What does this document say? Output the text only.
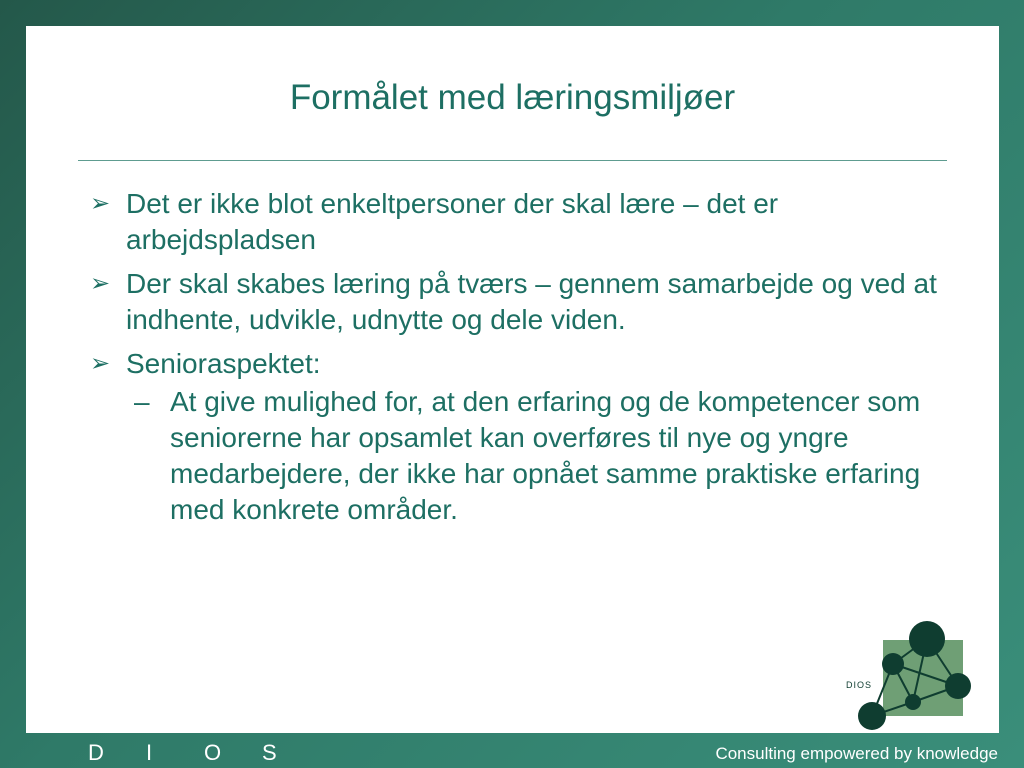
Formålet med læringsmiljøer
➢ Det er ikke blot enkeltpersoner der skal lære – det er arbejdspladsen
➢ Der skal skabes læring på tværs – gennem samarbejde og ved at indhente, udvikle, udnytte og dele viden.
➢ Senioraspektet:
– At give mulighed for, at den erfaring og de kompetencer som seniorerne har opsamlet kan overføres til nye og yngre medarbejdere, der ikke har opnået samme praktiske erfaring med konkrete områder.
DIOS
D I O S	Consulting empowered by knowledge
